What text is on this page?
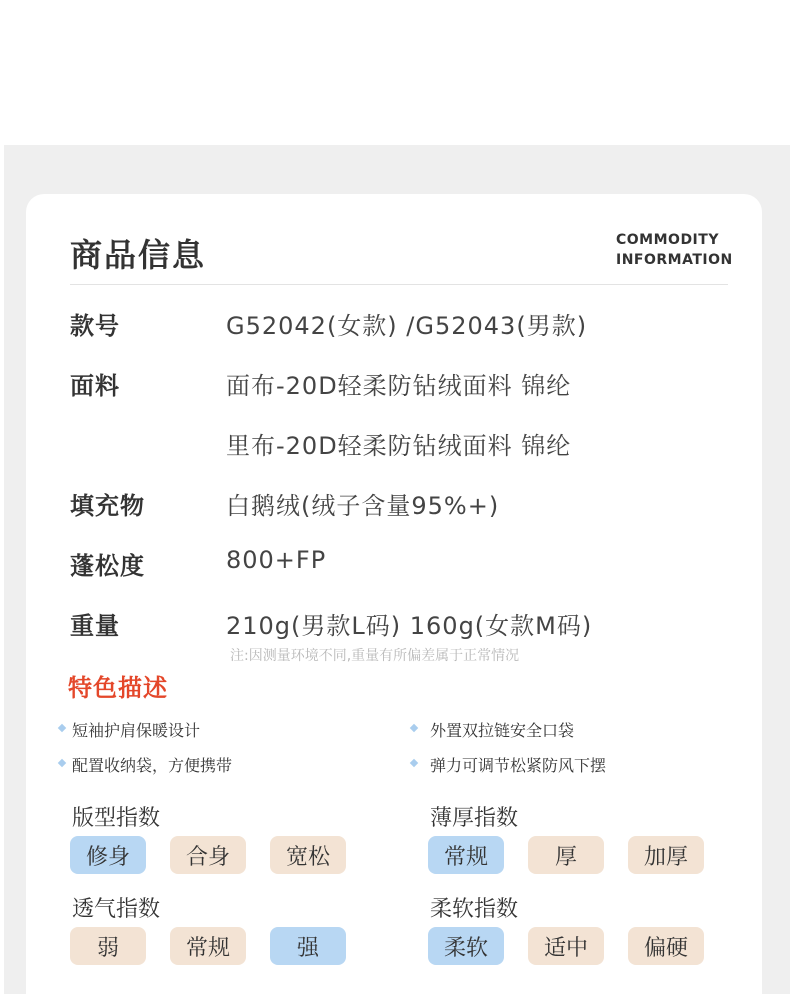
商品信息	COMMODITY
INFORMATION
款号	G52042(女款) /G52043(男款)
面料	面布-20D轻柔防钻绒面料 锦纶
里布-20D轻柔防钻绒面料 锦纶
填充物	白鹅绒(绒子含量95%+)
蓬松度	800+FP
重量	210g(男款L码) 160g(女款M码)
注:因测量环境不同,重量有所偏差属于正常情况
特色描述
短袖护肩保暖设计	外置双拉链安全口袋
配置收纳袋，方便携带	弹力可调节松紧防风下摆
版型指数
修身	合身	宽松
薄厚指数
常规	厚	加厚
透气指数
弱	常规	强
柔软指数
柔软	适中	偏硬
